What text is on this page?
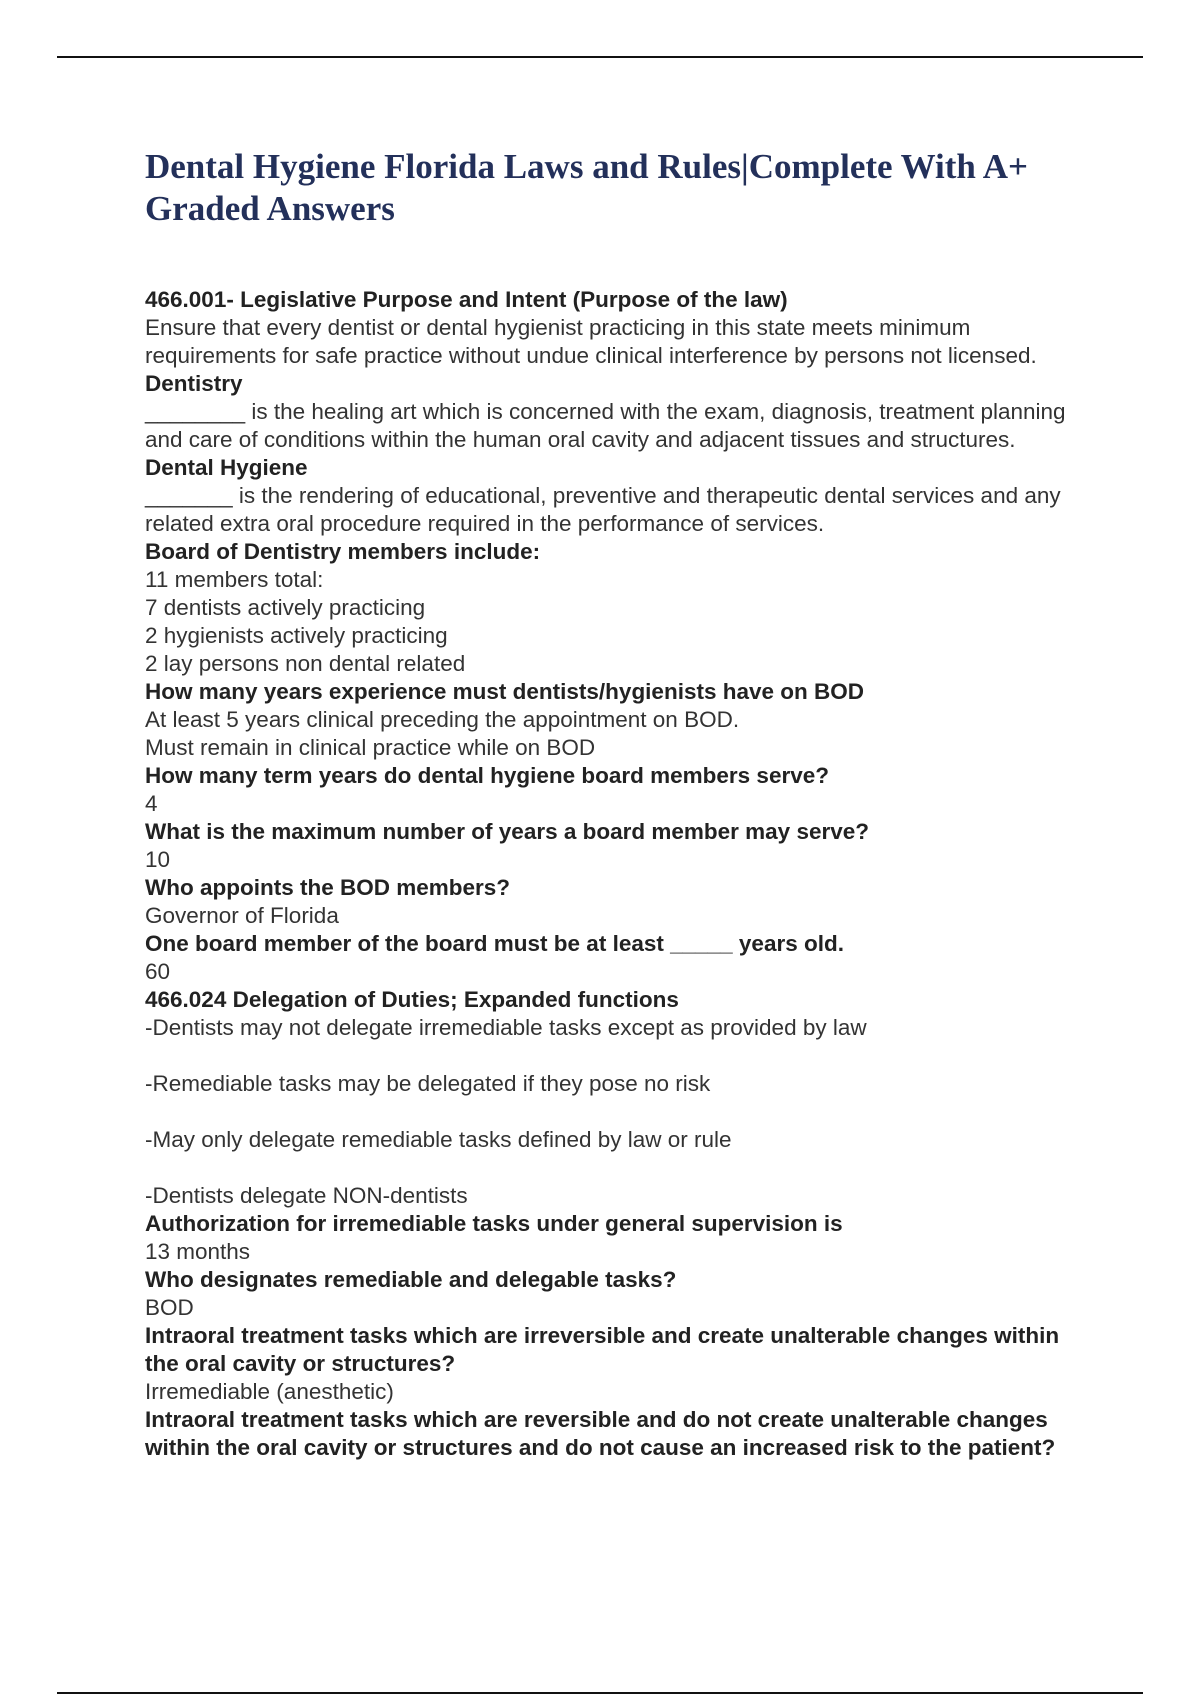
Dental Hygiene Florida Laws and Rules|Complete With A+ Graded Answers
466.001- Legislative Purpose and Intent (Purpose of the law)
Ensure that every dentist or dental hygienist practicing in this state meets minimum requirements for safe practice without undue clinical interference by persons not licensed.
Dentistry
________ is the healing art which is concerned with the exam, diagnosis, treatment planning and care of conditions within the human oral cavity and adjacent tissues and structures.
Dental Hygiene
_______ is the rendering of educational, preventive and therapeutic dental services and any related extra oral procedure required in the performance of services.
Board of Dentistry members include:
11 members total:
7 dentists actively practicing
2 hygienists actively practicing
2 lay persons non dental related
How many years experience must dentists/hygienists have on BOD
At least 5 years clinical preceding the appointment on BOD.
Must remain in clinical practice while on BOD
How many term years do dental hygiene board members serve?
4
What is the maximum number of years a board member may serve?
10
Who appoints the BOD members?
Governor of Florida
One board member of the board must be at least _____ years old.
60
466.024 Delegation of Duties; Expanded functions
-Dentists may not delegate irremediable tasks except as provided by law

-Remediable tasks may be delegated if they pose no risk

-May only delegate remediable tasks defined by law or rule

-Dentists delegate NON-dentists
Authorization for irremediable tasks under general supervision is
13 months
Who designates remediable and delegable tasks?
BOD
Intraoral treatment tasks which are irreversible and create unalterable changes within the oral cavity or structures?
Irremediable (anesthetic)
Intraoral treatment tasks which are reversible and do not create unalterable changes within the oral cavity or structures and do not cause an increased risk to the patient?
